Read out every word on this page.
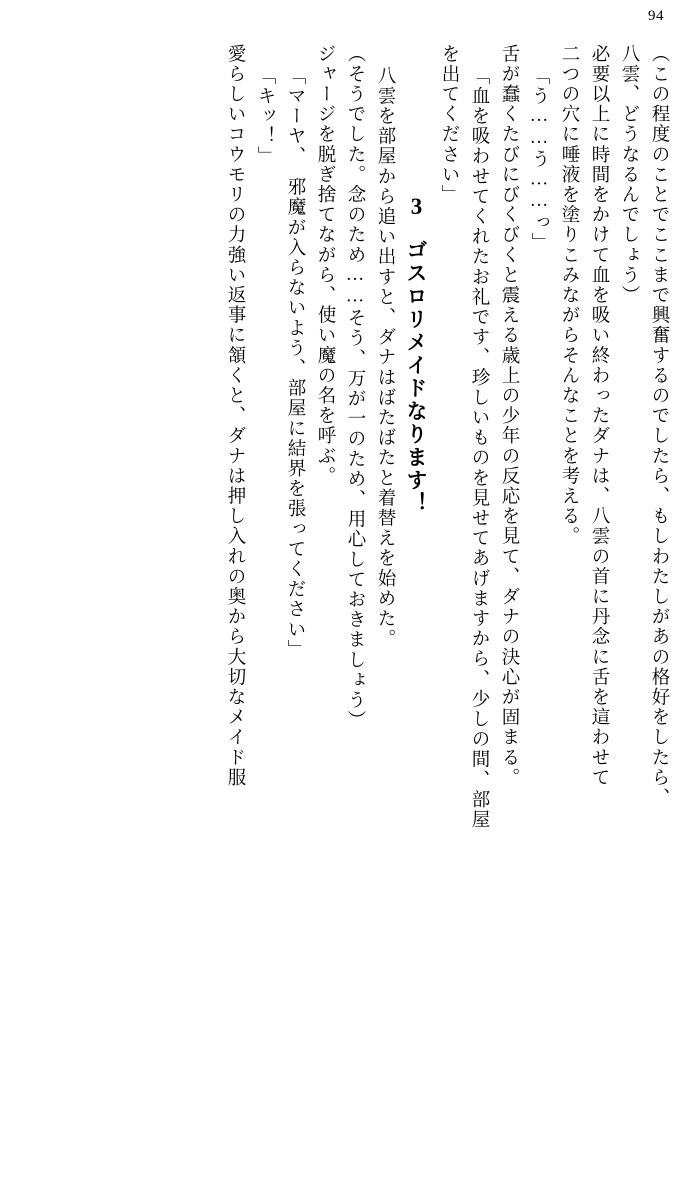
94
（この程度のことでここまで興奮するのでしたら、もしわたしがあの格好をしたら、
八雲、どうなるんでしょう）
必要以上に時間をかけて血を吸い終わったダナは、八雲の首に丹念に舌を這わせて
二つの穴に唾液を塗りこみながらそんなことを考える。
「う……う……っ」
舌が蠢くたびにびくびくと震える歳上の少年の反応を見て、ダナの決心が固まる。
「血を吸わせてくれたお礼です、珍しいものを見せてあげますから、少しの間、部屋
を出てください」
3ゴスロリメイドなります！
八雲を部屋から追い出すと、ダナはばたばたと着替えを始めた。
（そうでした。念のため……そう、万が一のため、用心しておきましょう）
ジャージを脱ぎ捨てながら、使い魔の名を呼ぶ。
「マーヤ、　邪魔が入らないよう、部屋に結界を張ってください」
「キッ！」
愛らしいコウモリの力強い返事に頷くと、ダナは押し入れの奥から大切なメイド服
